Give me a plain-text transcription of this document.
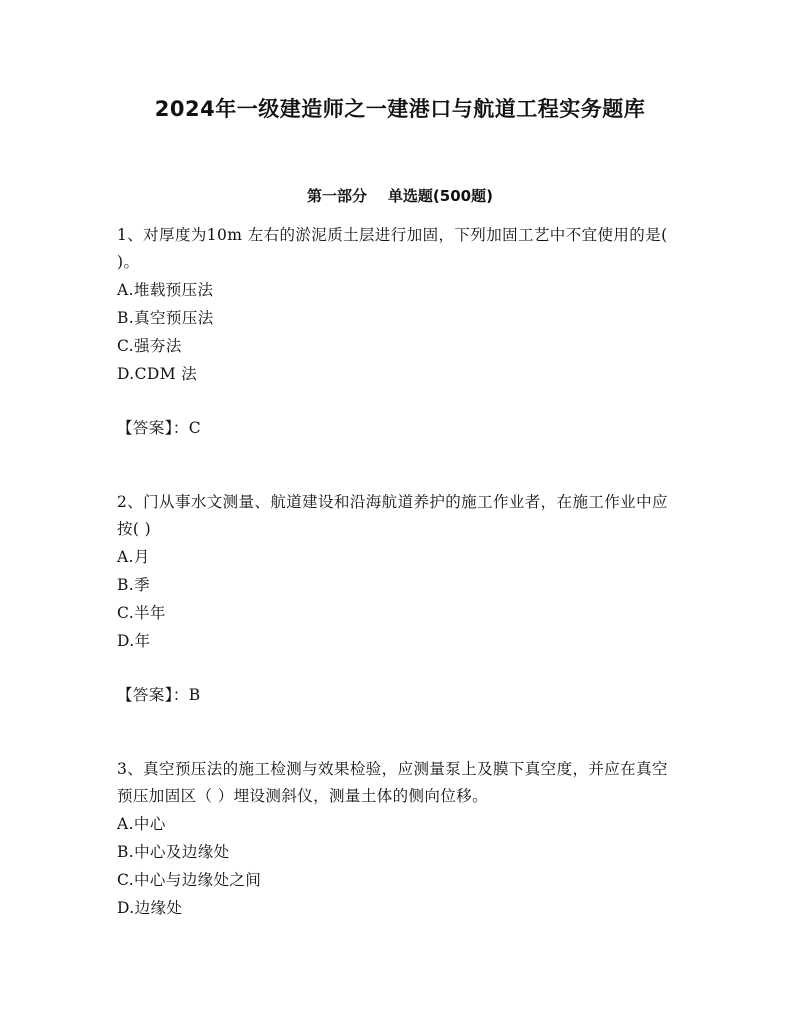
2024年一级建造师之一建港口与航道工程实务题库
第一部分    单选题(500题)

1、对厚度为10m 左右的淤泥质土层进行加固，下列加固工艺中不宜使用的是( )。

A.堆载预压法
B.真空预压法
C.强夯法
D.CDM 法

【答案】：C

2、门从事水文测量、航道建设和沿海航道养护的施工作业者，在施工作业中应按( )

A.月
B.季
C.半年
D.年

【答案】：B

3、真空预压法的施工检测与效果检验，应测量泵上及膜下真空度，并应在真空预压加固区（ ）埋设测斜仪，测量土体的侧向位移。

A.中心
B.中心及边缘处
C.中心与边缘处之间
D.边缘处
